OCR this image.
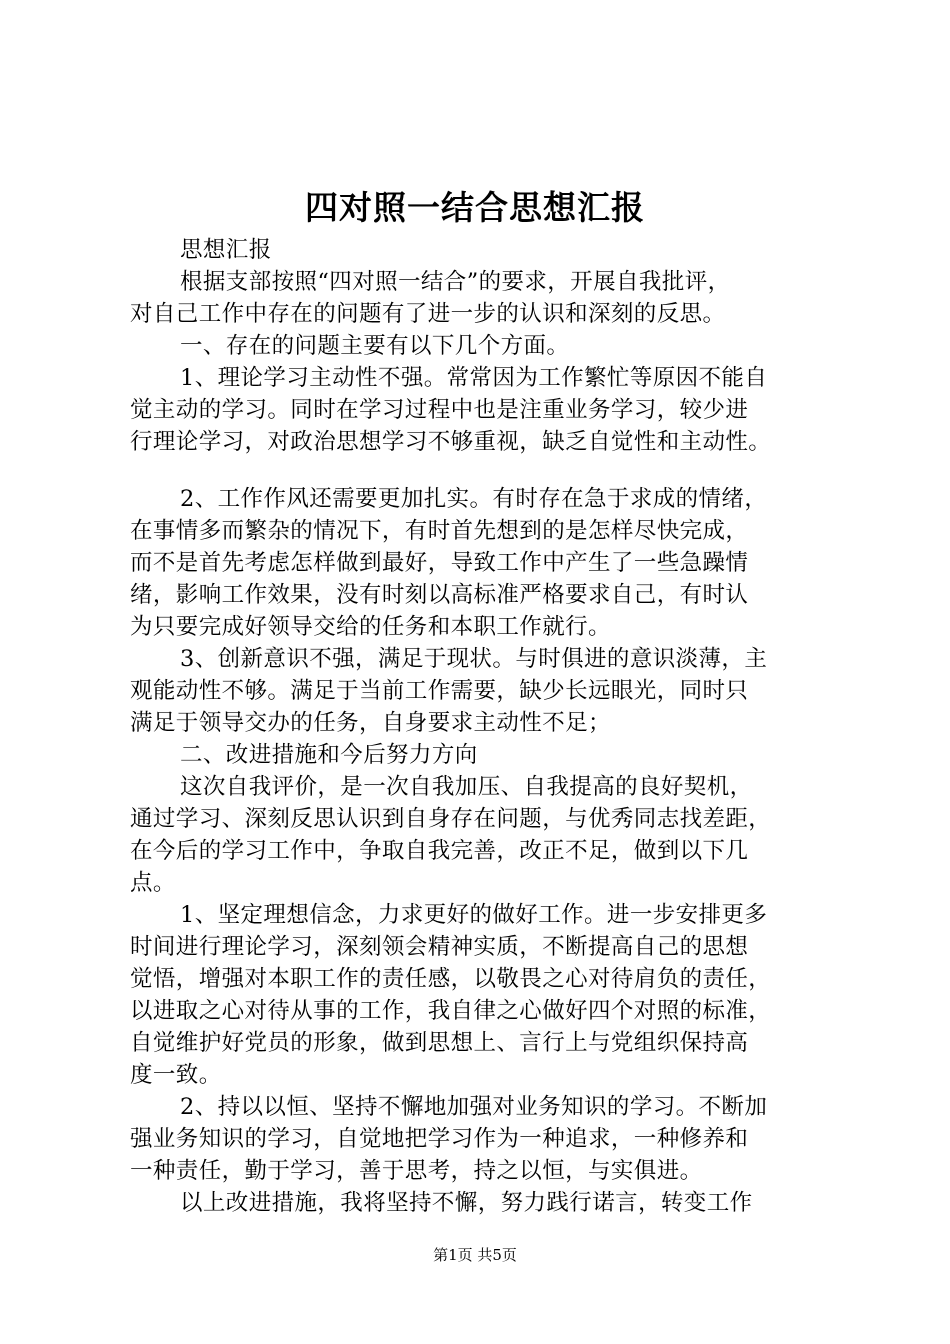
四对照一结合思想汇报
思想汇报
根据支部按照“四对照一结合”的要求，开展自我批评，
对自己工作中存在的问题有了进一步的认识和深刻的反思。
一、存在的问题主要有以下几个方面。
1、理论学习主动性不强。常常因为工作繁忙等原因不能自
觉主动的学习。同时在学习过程中也是注重业务学习，较少进
行理论学习，对政治思想学习不够重视，缺乏自觉性和主动性。
2、工作作风还需要更加扎实。有时存在急于求成的情绪，
在事情多而繁杂的情况下，有时首先想到的是怎样尽快完成，
而不是首先考虑怎样做到最好，导致工作中产生了一些急躁情
绪，影响工作效果，没有时刻以高标准严格要求自己，有时认
为只要完成好领导交给的任务和本职工作就行。
3、创新意识不强，满足于现状。与时俱进的意识淡薄，主
观能动性不够。满足于当前工作需要，缺少长远眼光，同时只
满足于领导交办的任务，自身要求主动性不足；
二、改进措施和今后努力方向
这次自我评价，是一次自我加压、自我提高的良好契机，
通过学习、深刻反思认识到自身存在问题，与优秀同志找差距，
在今后的学习工作中，争取自我完善，改正不足，做到以下几
点。
1、坚定理想信念，力求更好的做好工作。进一步安排更多
时间进行理论学习，深刻领会精神实质，不断提高自己的思想
觉悟，增强对本职工作的责任感，以敬畏之心对待肩负的责任，
以进取之心对待从事的工作，我自律之心做好四个对照的标准，
自觉维护好党员的形象，做到思想上、言行上与党组织保持高
度一致。
2、持以以恒、坚持不懈地加强对业务知识的学习。不断加
强业务知识的学习，自觉地把学习作为一种追求，一种修养和
一种责任，勤于学习，善于思考，持之以恒，与实俱进。
以上改进措施，我将坚持不懈，努力践行诺言，转变工作
第1页 共5页
